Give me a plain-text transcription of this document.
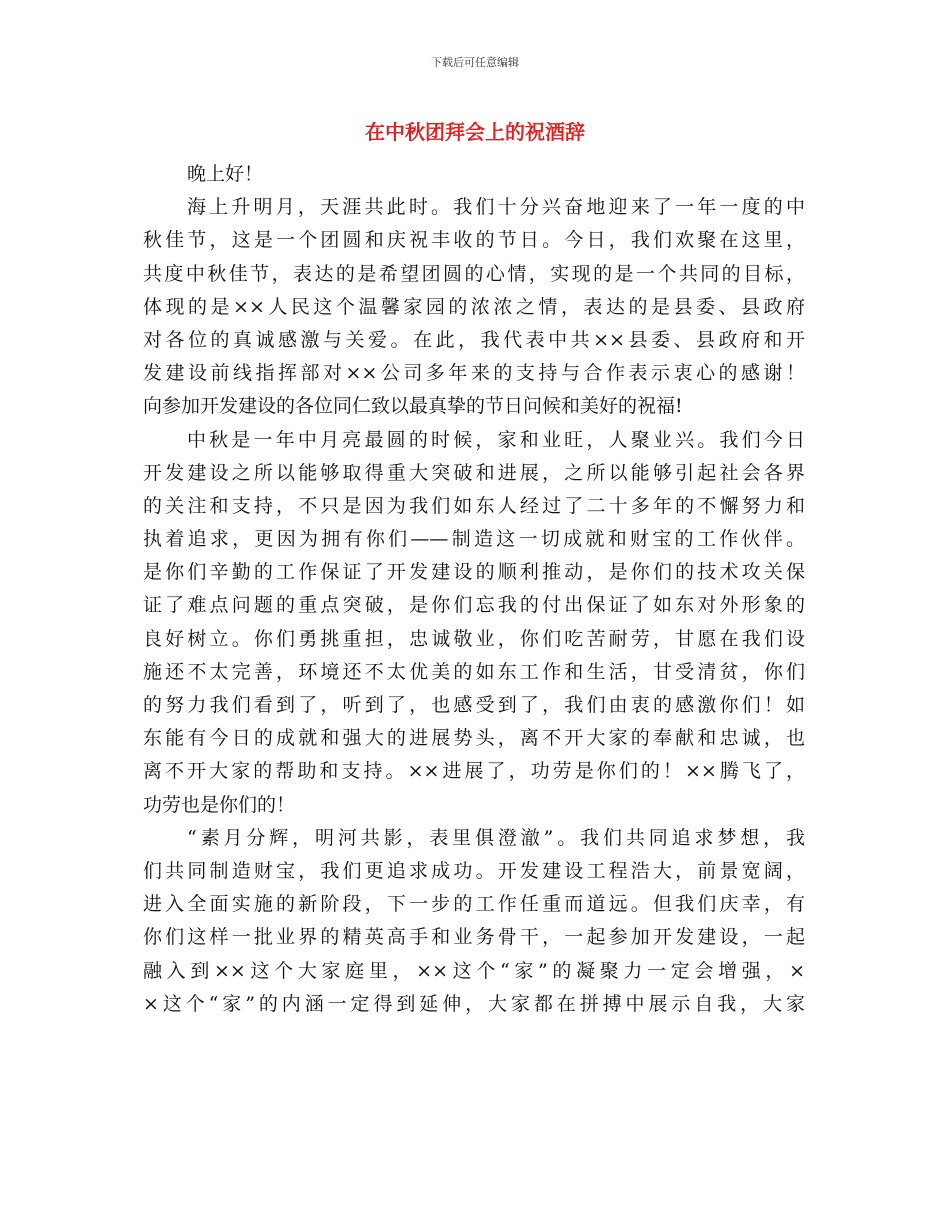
下载后可任意编辑
在中秋团拜会上的祝酒辞
晚上好！
海上升明月，天涯共此时。我们十分兴奋地迎来了一年一度的中
秋佳节，这是一个团圆和庆祝丰收的节日。今日，我们欢聚在这里，
共度中秋佳节，表达的是希望团圆的心情，实现的是一个共同的目标，
体现的是××人民这个温馨家园的浓浓之情，表达的是县委、县政府
对各位的真诚感激与关爱。在此，我代表中共××县委、县政府和开
发建设前线指挥部对××公司多年来的支持与合作表示衷心的感谢！
向参加开发建设的各位同仁致以最真挚的节日问候和美好的祝福!
中秋是一年中月亮最圆的时候，家和业旺，人聚业兴。我们今日
开发建设之所以能够取得重大突破和进展，之所以能够引起社会各界
的关注和支持，不只是因为我们如东人经过了二十多年的不懈努力和
执着追求，更因为拥有你们——制造这一切成就和财宝的工作伙伴。
是你们辛勤的工作保证了开发建设的顺利推动，是你们的技术攻关保
证了难点问题的重点突破，是你们忘我的付出保证了如东对外形象的
良好树立。你们勇挑重担，忠诚敬业，你们吃苦耐劳，甘愿在我们设
施还不太完善，环境还不太优美的如东工作和生活，甘受清贫，你们
的努力我们看到了，听到了，也感受到了，我们由衷的感激你们！如
东能有今日的成就和强大的进展势头，离不开大家的奉献和忠诚，也
离不开大家的帮助和支持。××进展了，功劳是你们的！××腾飞了，
功劳也是你们的！
“素月分辉，明河共影，表里俱澄澈”。我们共同追求梦想，我
们共同制造财宝，我们更追求成功。开发建设工程浩大，前景宽阔，
进入全面实施的新阶段，下一步的工作任重而道远。但我们庆幸，有
你们这样一批业界的精英高手和业务骨干，一起参加开发建设，一起
融入到××这个大家庭里，××这个“家”的凝聚力一定会增强，×
×这个“家”的内涵一定得到延伸，大家都在拼搏中展示自我，大家
